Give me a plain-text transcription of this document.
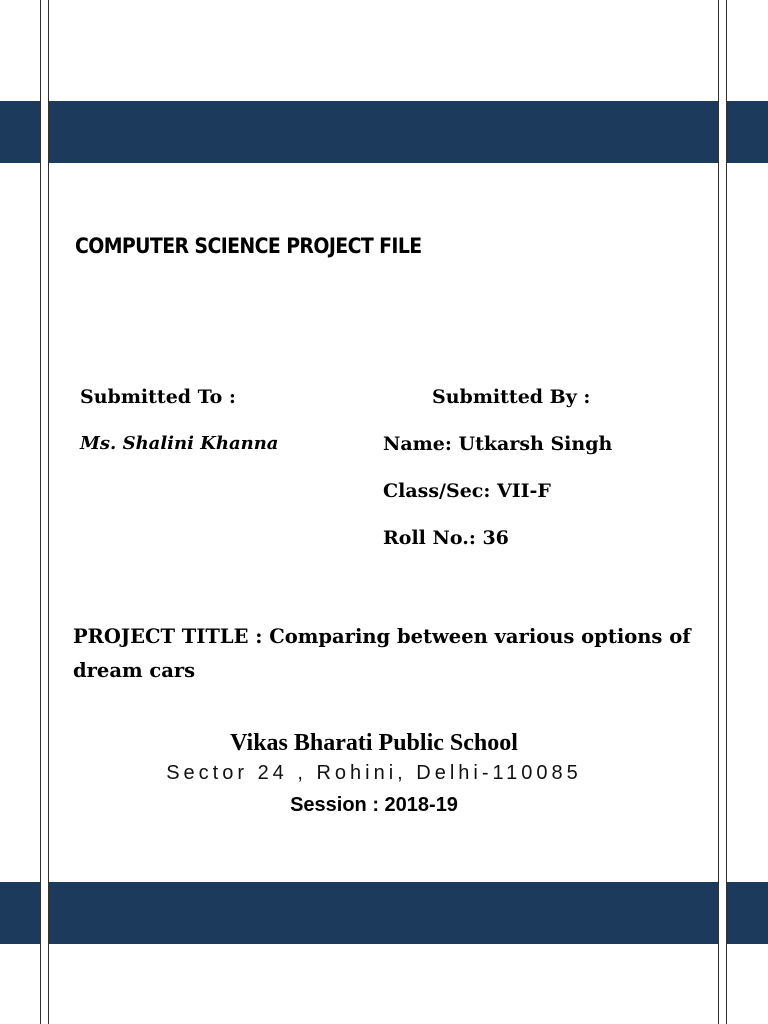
COMPUTER SCIENCE PROJECT FILE
Submitted To :	Submitted By :
Ms. Shalini Khanna	Name: Utkarsh Singh
Class/Sec: VII-F
Roll No.: 36
PROJECT TITLE : Comparing between various options of dream cars
Vikas Bharati Public School
Sector 24 , Rohini, Delhi-110085
Session : 2018-19
